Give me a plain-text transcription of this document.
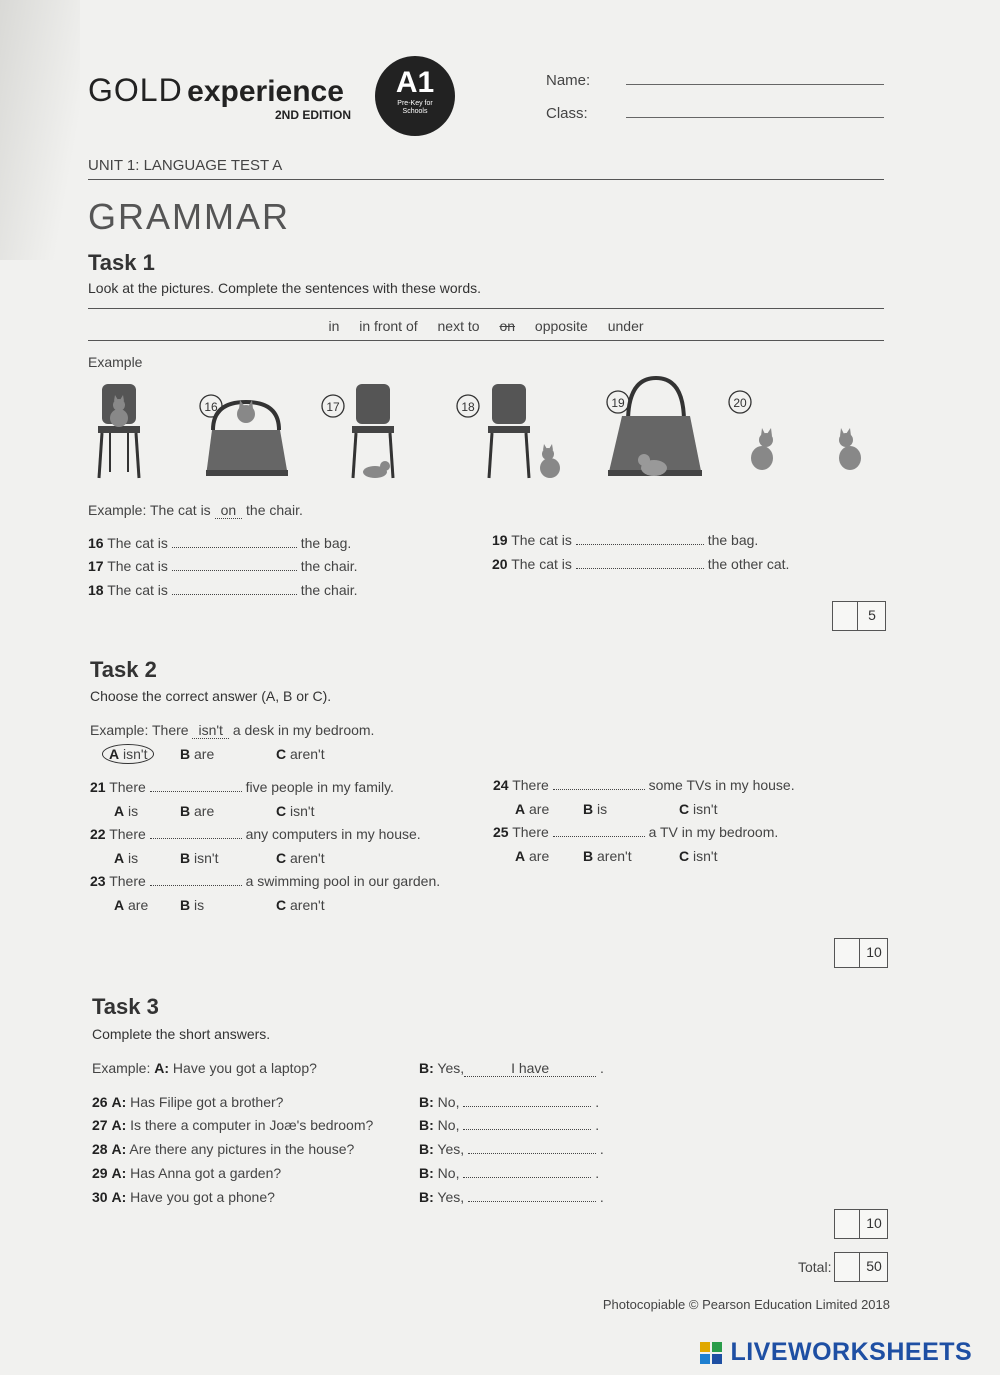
GOLD experience
2ND EDITION
A1
Pre-Key for Schools
Name:
Class:
UNIT 1: LANGUAGE TEST A
GRAMMAR
Task 1
Look at the pictures. Complete the sentences with these words.
in in front of next to on opposite under
Example
16	17	18	19	20
Example: The cat is on the chair.
16 The cat is	the bag.
17 The cat is	the chair.
18 The cat is	the chair.
19 The cat is	the bag.
20 The cat is	the other cat.
5
Task 2
Choose the correct answer (A, B or C).
Example: There isn't a desk in my bedroom.
A isn't B are	C aren't
21 There	five people in my family.
A is	B are	C isn't
22 There	any computers in my house.
A is	B isn't	C aren't
23 There	a swimming pool in our garden.
A are B is	C aren't
24 There	some TVs in my house.
A are B is	C isn't
25 There	a TV in my bedroom.
A are B aren't	C isn't
10
Task 3
Complete the short answers.
Example: A: Have you got a laptop?	B: Yes,	I have	.
26 A: Has Filipe got a brother?	B: No,	.
27 A: Is there a computer in Joæ's bedroom?	B: No,	.
28 A: Are there any pictures in the house?	B: Yes,	.
29 A: Has Anna got a garden?	B: No,	.
30 A: Have you got a phone?	B: Yes,	.
10
Total:	50
Photocopiable © Pearson Education Limited 2018
LIVEWORKSHEETS
